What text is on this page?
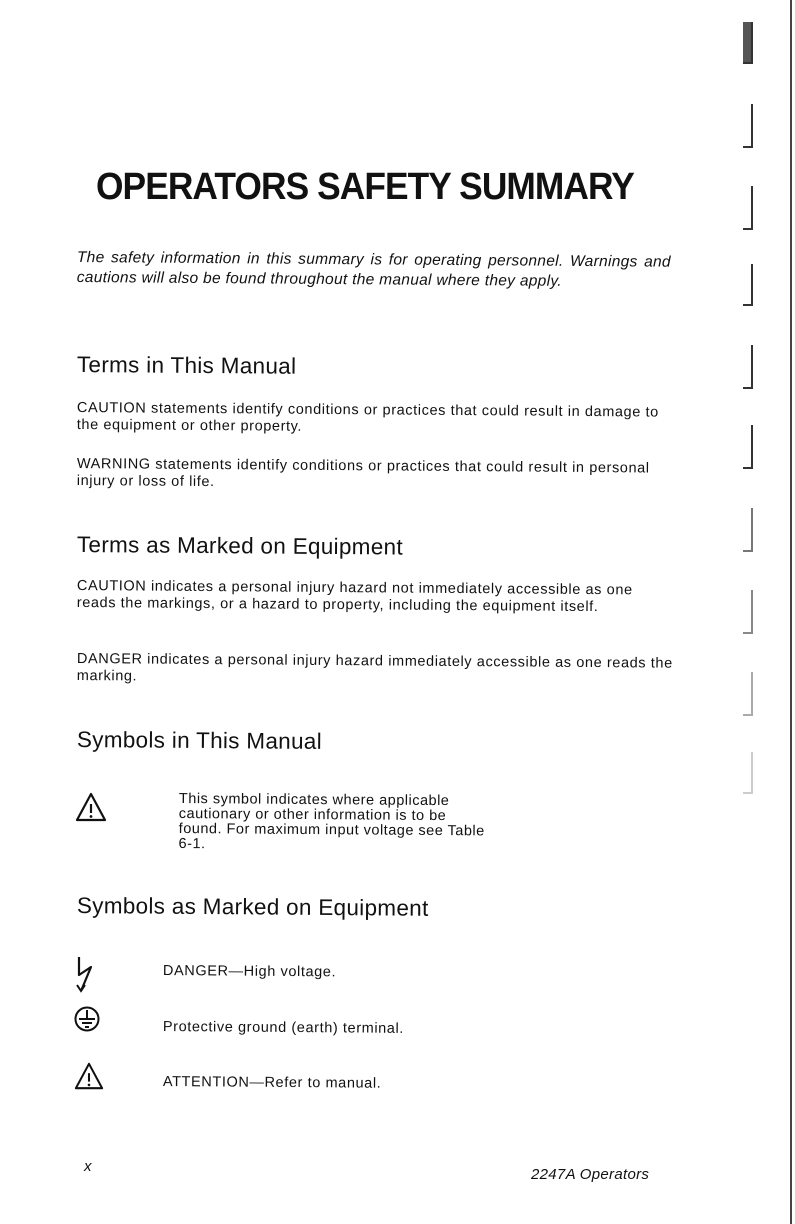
OPERATORS SAFETY SUMMARY
The safety information in this summary is for operating personnel. Warnings and cautions will also be found throughout the manual where they apply.
Terms in This Manual
CAUTION statements identify conditions or practices that could result in damage to the equipment or other property.
WARNING statements identify conditions or practices that could result in personal injury or loss of life.
Terms as Marked on Equipment
CAUTION indicates a personal injury hazard not immediately accessible as one reads the markings, or a hazard to property, including the equipment itself.
DANGER indicates a personal injury hazard immediately accessible as one reads the marking.
Symbols in This Manual
This symbol indicates where applicable cautionary or other information is to be found. For maximum input voltage see Table 6-1.
Symbols as Marked on Equipment
DANGER—High voltage.
Protective ground (earth) terminal.
ATTENTION—Refer to manual.
x	2247A Operators
